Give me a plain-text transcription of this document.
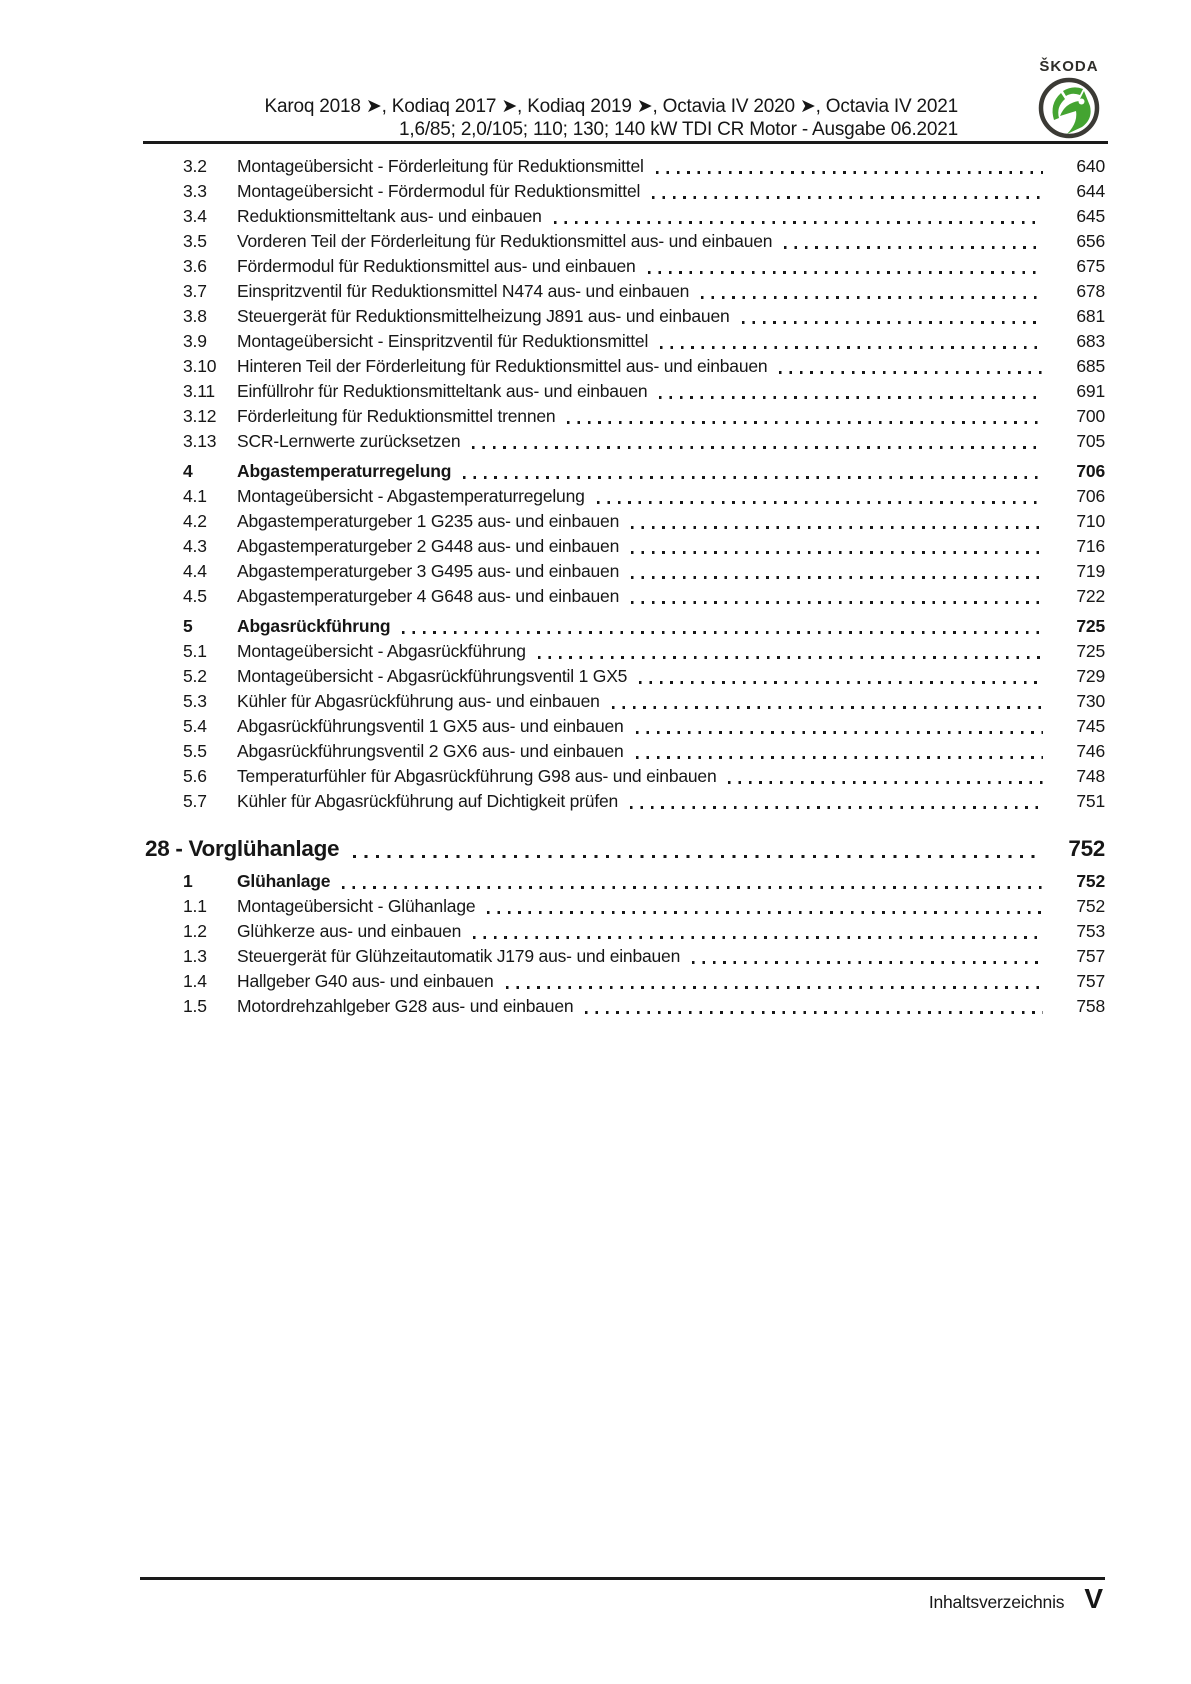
Karoq 2018 ➤, Kodiaq 2017 ➤, Kodiaq 2019 ➤, Octavia IV 2020 ➤, Octavia IV 2021
1,6/85; 2,0/105; 110; 130; 140 kW TDI CR Motor - Ausgabe 06.2021
ŠKODA
3.2	Montageübersicht - Förderleitung für Reduktionsmittel	640
3.3	Montageübersicht - Fördermodul für Reduktionsmittel	644
3.4	Reduktionsmitteltank aus- und einbauen	645
3.5	Vorderen Teil der Förderleitung für Reduktionsmittel aus- und einbauen	656
3.6	Fördermodul für Reduktionsmittel aus- und einbauen	675
3.7	Einspritzventil für Reduktionsmittel N474 aus- und einbauen	678
3.8	Steuergerät für Reduktionsmittelheizung J891 aus- und einbauen	681
3.9	Montageübersicht - Einspritzventil für Reduktionsmittel	683
3.10	Hinteren Teil der Förderleitung für Reduktionsmittel aus- und einbauen	685
3.11	Einfüllrohr für Reduktionsmitteltank aus- und einbauen	691
3.12	Förderleitung für Reduktionsmittel trennen	700
3.13	SCR-Lernwerte zurücksetzen	705
4	Abgastemperaturregelung	706
4.1	Montageübersicht - Abgastemperaturregelung	706
4.2	Abgastemperaturgeber 1 G235 aus- und einbauen	710
4.3	Abgastemperaturgeber 2 G448 aus- und einbauen	716
4.4	Abgastemperaturgeber 3 G495 aus- und einbauen	719
4.5	Abgastemperaturgeber 4 G648 aus- und einbauen	722
5	Abgasrückführung	725
5.1	Montageübersicht - Abgasrückführung	725
5.2	Montageübersicht - Abgasrückführungsventil 1 GX5	729
5.3	Kühler für Abgasrückführung aus- und einbauen	730
5.4	Abgasrückführungsventil 1 GX5 aus- und einbauen	745
5.5	Abgasrückführungsventil 2 GX6 aus- und einbauen	746
5.6	Temperaturfühler für Abgasrückführung G98 aus- und einbauen	748
5.7	Kühler für Abgasrückführung auf Dichtigkeit prüfen	751
28 - Vorglühanlage	752
1	Glühanlage	752
1.1	Montageübersicht - Glühanlage	752
1.2	Glühkerze aus- und einbauen	753
1.3	Steuergerät für Glühzeitautomatik J179 aus- und einbauen	757
1.4	Hallgeber G40 aus- und einbauen	757
1.5	Motordrehzahlgeber G28 aus- und einbauen	758
Inhaltsverzeichnis V
